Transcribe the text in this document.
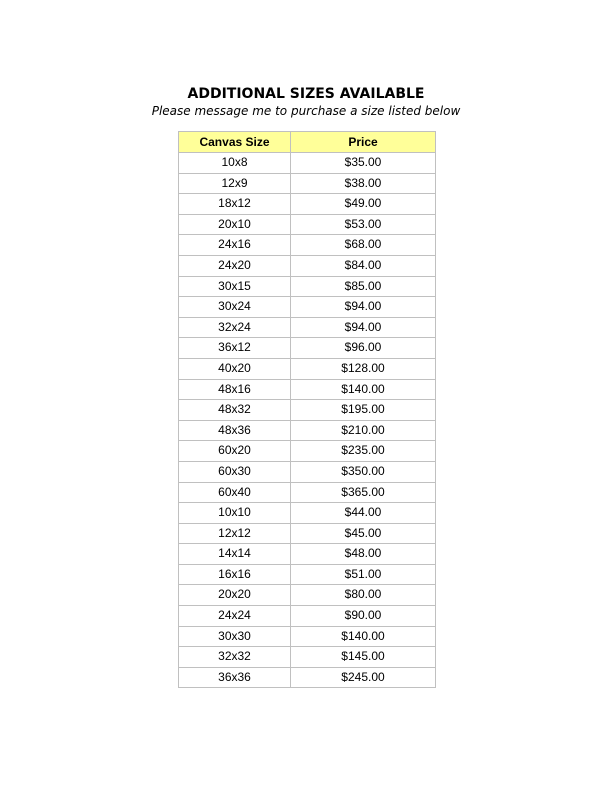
ADDITIONAL SIZES AVAILABLE
Please message me to purchase a size listed below
Canvas Size	Price
10x8	$35.00
12x9	$38.00
18x12	$49.00
20x10	$53.00
24x16	$68.00
24x20	$84.00
30x15	$85.00
30x24	$94.00
32x24	$94.00
36x12	$96.00
40x20	$128.00
48x16	$140.00
48x32	$195.00
48x36	$210.00
60x20	$235.00
60x30	$350.00
60x40	$365.00
10x10	$44.00
12x12	$45.00
14x14	$48.00
16x16	$51.00
20x20	$80.00
24x24	$90.00
30x30	$140.00
32x32	$145.00
36x36	$245.00
